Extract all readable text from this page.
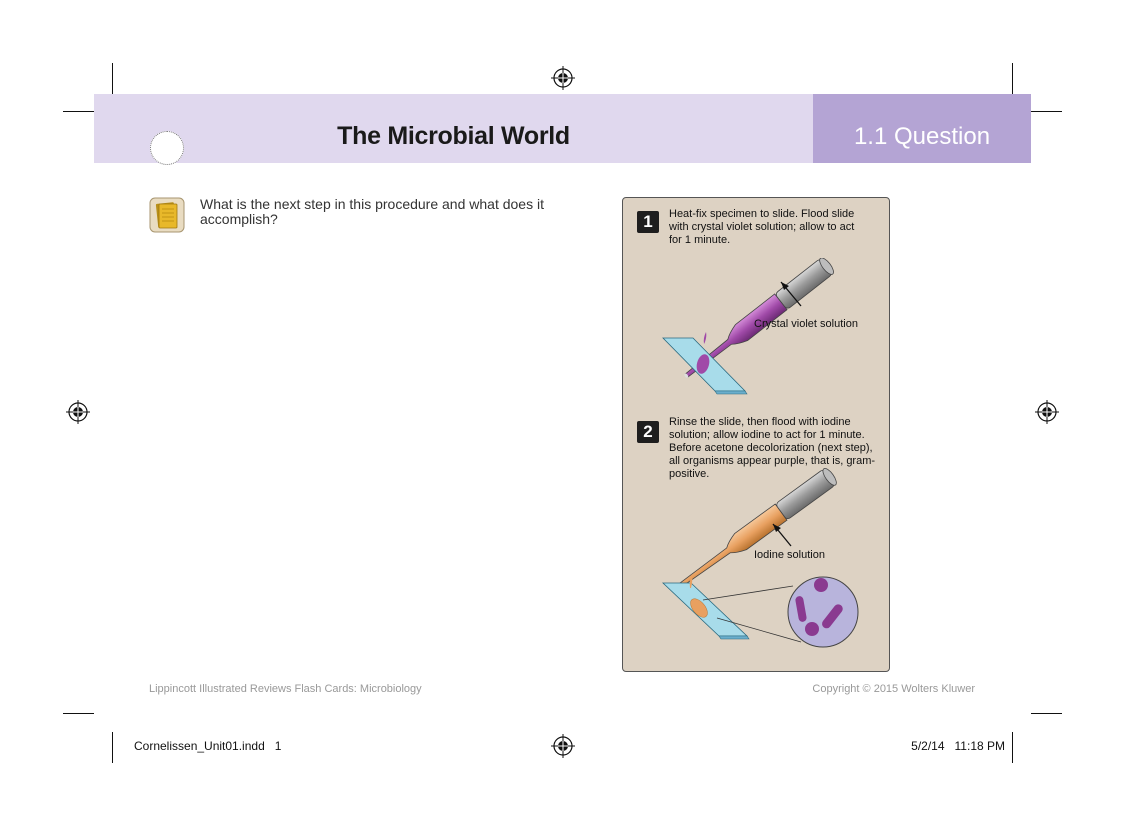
The Microbial World	1.1 Question
What is the next step in this procedure and what does it accomplish?	1	Heat-fix specimen to slide. Flood slide with crystal violet solution; allow to act for 1 minute.
Crystal violet solution
2	Rinse the slide, then flood with iodine solution; allow iodine to act for 1 minute. Before acetone decolorization (next step), all organisms appear purple, that is, gram-positive.
Iodine solution
Lippincott Illustrated Reviews Flash Cards: Microbiology	Copyright © 2015 Wolters Kluwer
Cornelissen_Unit01.indd   1	5/2/14   11:18 PM
